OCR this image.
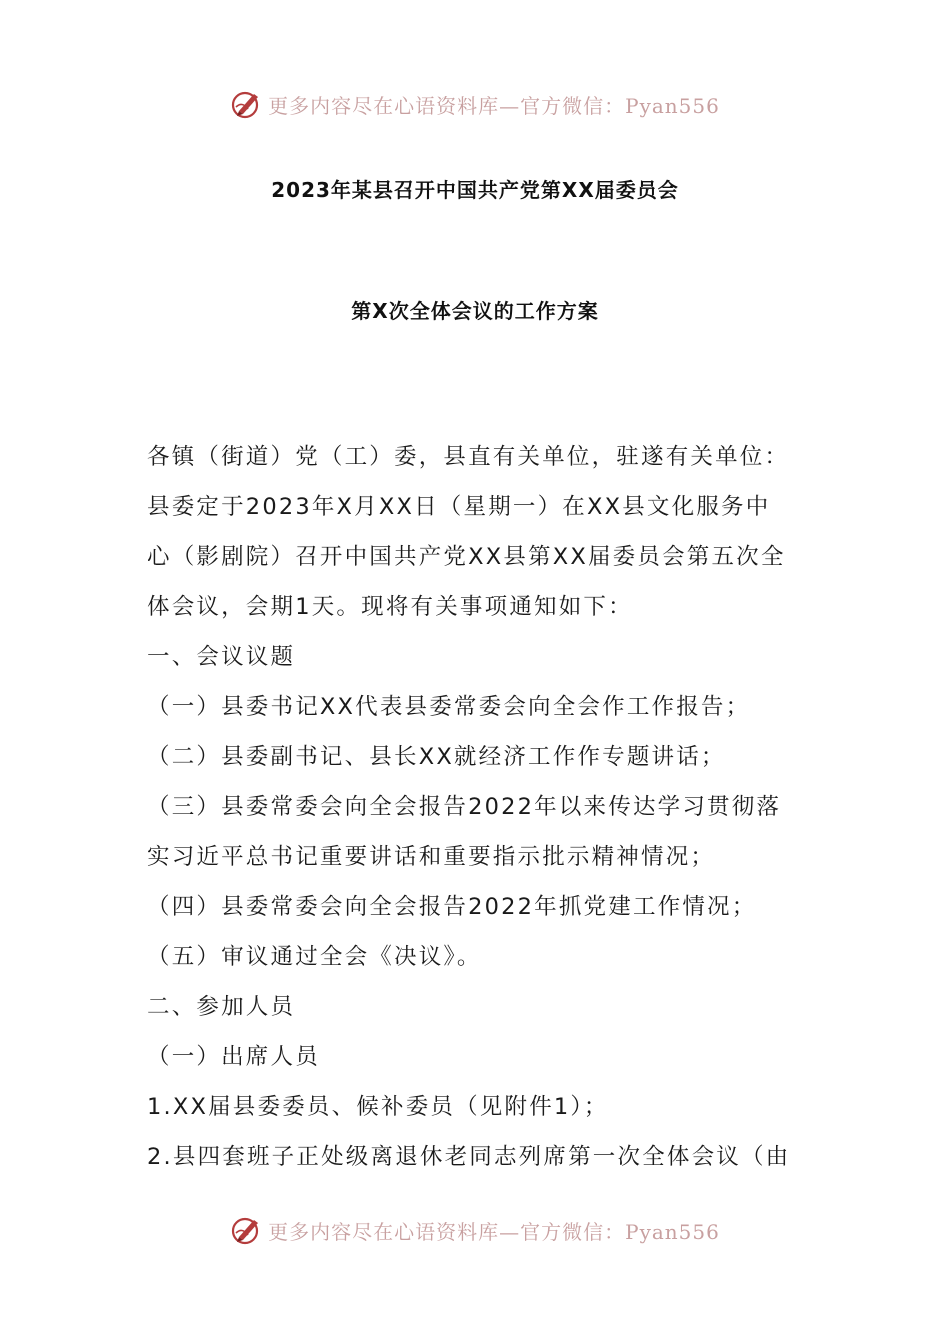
更多内容尽在心语资料库—官方微信：Pyan556
2023年某县召开中国共产党第XX届委员会
第X次全体会议的工作方案
各镇（街道）党（工）委，县直有关单位，驻遂有关单位：
县委定于2023年X月XX日（星期一）在XX县文化服务中
心（影剧院）召开中国共产党XX县第XX届委员会第五次全
体会议，会期1天。现将有关事项通知如下：
一、会议议题
（一）县委书记XX代表县委常委会向全会作工作报告；
（二）县委副书记、县长XX就经济工作作专题讲话；
（三）县委常委会向全会报告2022年以来传达学习贯彻落
实习近平总书记重要讲话和重要指示批示精神情况；
（四）县委常委会向全会报告2022年抓党建工作情况；
（五）审议通过全会《决议》。
二、参加人员
（一）出席人员
1.XX届县委委员、候补委员（见附件1）；
2.县四套班子正处级离退休老同志列席第一次全体会议（由
更多内容尽在心语资料库—官方微信：Pyan556
